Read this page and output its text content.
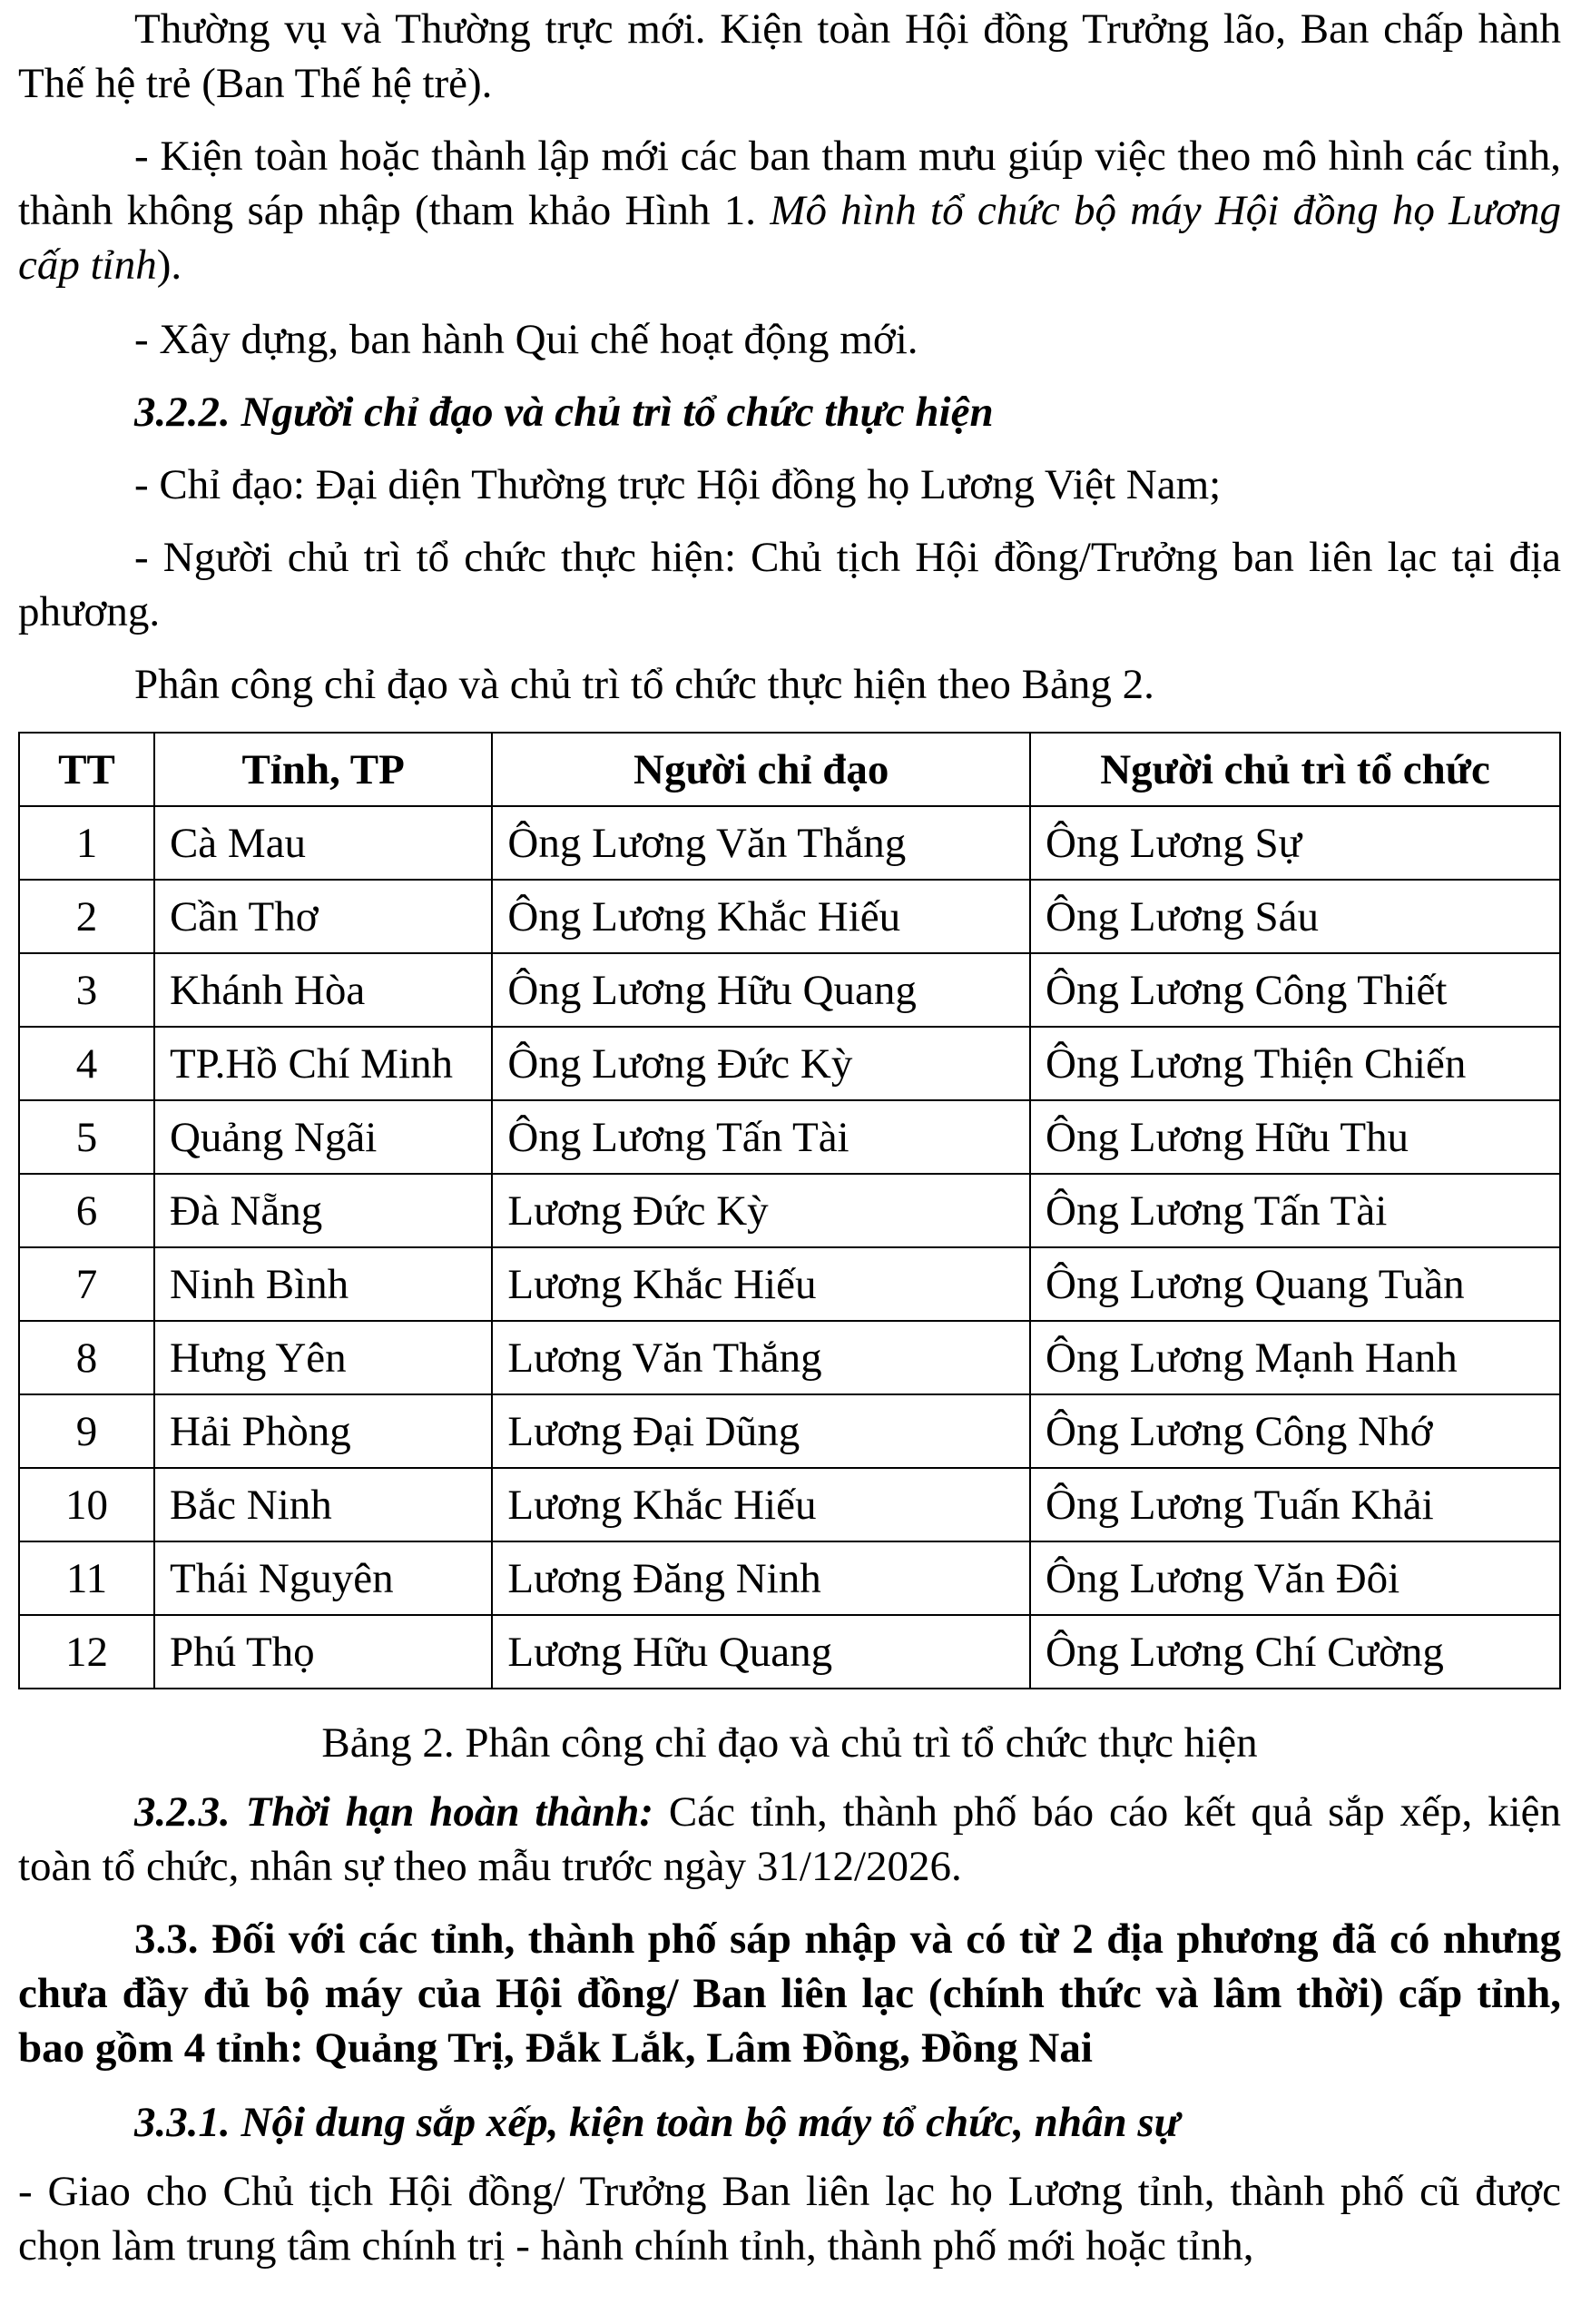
Thường vụ và Thường trực mới. Kiện toàn Hội đồng Trưởng lão, Ban chấp hành Thế hệ trẻ (Ban Thế hệ trẻ).

- Kiện toàn hoặc thành lập mới các ban tham mưu giúp việc theo mô hình các tỉnh, thành không sáp nhập (tham khảo Hình 1. Mô hình tổ chức bộ máy Hội đồng họ Lương cấp tỉnh).

- Xây dựng, ban hành Qui chế hoạt động mới.

3.2.2. Người chỉ đạo và chủ trì tổ chức thực hiện

- Chỉ đạo: Đại diện Thường trực Hội đồng họ Lương Việt Nam;

- Người chủ trì tổ chức thực hiện: Chủ tịch Hội đồng/Trưởng ban liên lạc tại địa phương.

Phân công chỉ đạo và chủ trì tổ chức thực hiện theo Bảng 2.

TT	Tỉnh, TP	Người chỉ đạo	Người chủ trì tổ chức
1	Cà Mau	Ông Lương Văn Thắng	Ông Lương Sự
2	Cần Thơ	Ông Lương Khắc Hiếu	Ông Lương Sáu
3	Khánh Hòa	Ông Lương Hữu Quang	Ông Lương Công Thiết
4	TP.Hồ Chí Minh	Ông Lương Đức Kỳ	Ông Lương Thiện Chiến
5	Quảng Ngãi	Ông Lương Tấn Tài	Ông Lương Hữu Thu
6	Đà Nẵng	Lương Đức Kỳ	Ông Lương Tấn Tài
7	Ninh Bình	Lương Khắc Hiếu	Ông Lương Quang Tuần
8	Hưng Yên	Lương Văn Thắng	Ông Lương Mạnh Hanh
9	Hải Phòng	Lương Đại Dũng	Ông Lương Công Nhớ
10	Bắc Ninh	Lương Khắc Hiếu	Ông Lương Tuấn Khải
11	Thái Nguyên	Lương Đăng Ninh	Ông Lương Văn Đôi
12	Phú Thọ	Lương Hữu Quang	Ông Lương Chí Cường
Bảng 2. Phân công chỉ đạo và chủ trì tổ chức thực hiện

3.2.3. Thời hạn hoàn thành: Các tỉnh, thành phố báo cáo kết quả sắp xếp, kiện toàn tổ chức, nhân sự theo mẫu trước ngày 31/12/2026.

3.3. Đối với các tỉnh, thành phố sáp nhập và có từ 2 địa phương đã có nhưng chưa đầy đủ bộ máy của Hội đồng/ Ban liên lạc (chính thức và lâm thời) cấp tỉnh, bao gồm 4 tỉnh: Quảng Trị, Đắk Lắk, Lâm Đồng, Đồng Nai

3.3.1. Nội dung sắp xếp, kiện toàn bộ máy tổ chức, nhân sự

- Giao cho Chủ tịch Hội đồng/ Trưởng Ban liên lạc họ Lương tỉnh, thành phố cũ được chọn làm trung tâm chính trị - hành chính tỉnh, thành phố mới hoặc tỉnh,
